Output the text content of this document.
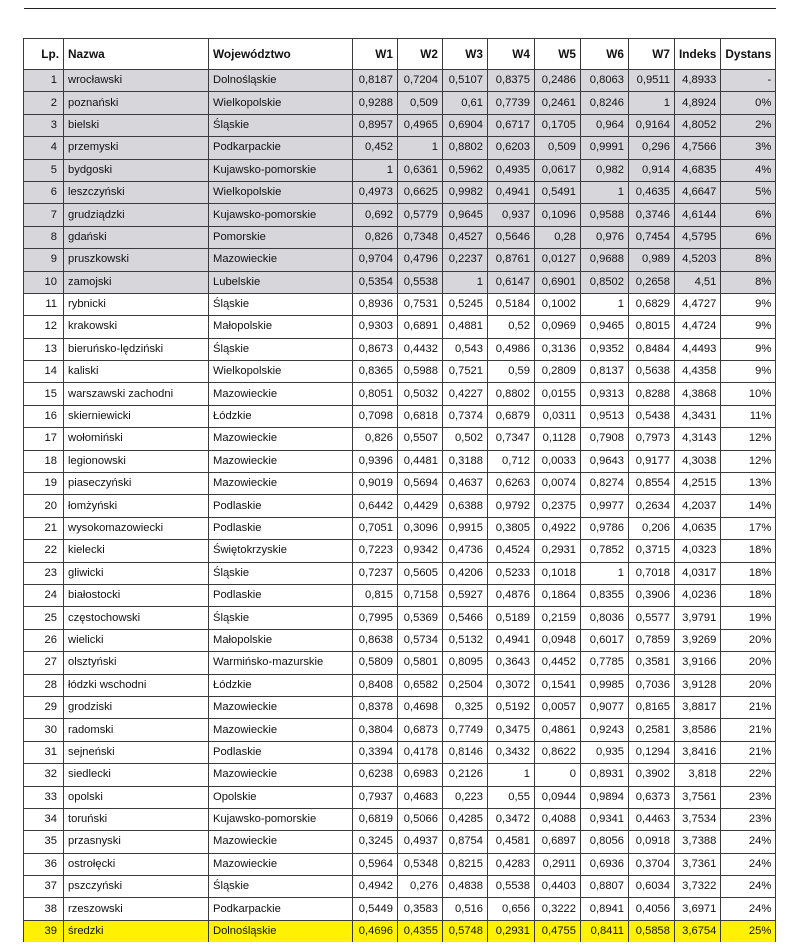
Lp.	Nazwa	Województwo	W1	W2	W3	W4	W5	W6	W7	Indeks	Dystans
1	wrocławski	Dolnośląskie	0,8187	0,7204	0,5107	0,8375	0,2486	0,8063	0,9511	4,8933	-
2	poznański	Wielkopolskie	0,9288	0,509	0,61	0,7739	0,2461	0,8246	1	4,8924	0%
3	bielski	Śląskie	0,8957	0,4965	0,6904	0,6717	0,1705	0,964	0,9164	4,8052	2%
4	przemyski	Podkarpackie	0,452	1	0,8802	0,6203	0,509	0,9991	0,296	4,7566	3%
5	bydgoski	Kujawsko-pomorskie	1	0,6361	0,5962	0,4935	0,0617	0,982	0,914	4,6835	4%
6	leszczyński	Wielkopolskie	0,4973	0,6625	0,9982	0,4941	0,5491	1	0,4635	4,6647	5%
7	grudziądzki	Kujawsko-pomorskie	0,692	0,5779	0,9645	0,937	0,1096	0,9588	0,3746	4,6144	6%
8	gdański	Pomorskie	0,826	0,7348	0,4527	0,5646	0,28	0,976	0,7454	4,5795	6%
9	pruszkowski	Mazowieckie	0,9704	0,4796	0,2237	0,8761	0,0127	0,9688	0,989	4,5203	8%
10	zamojski	Lubelskie	0,5354	0,5538	1	0,6147	0,6901	0,8502	0,2658	4,51	8%
11	rybnicki	Śląskie	0,8936	0,7531	0,5245	0,5184	0,1002	1	0,6829	4,4727	9%
12	krakowski	Małopolskie	0,9303	0,6891	0,4881	0,52	0,0969	0,9465	0,8015	4,4724	9%
13	bieruńsko-lędziński	Śląskie	0,8673	0,4432	0,543	0,4986	0,3136	0,9352	0,8484	4,4493	9%
14	kaliski	Wielkopolskie	0,8365	0,5988	0,7521	0,59	0,2809	0,8137	0,5638	4,4358	9%
15	warszawski zachodni	Mazowieckie	0,8051	0,5032	0,4227	0,8802	0,0155	0,9313	0,8288	4,3868	10%
16	skierniewicki	Łódzkie	0,7098	0,6818	0,7374	0,6879	0,0311	0,9513	0,5438	4,3431	11%
17	wołomiński	Mazowieckie	0,826	0,5507	0,502	0,7347	0,1128	0,7908	0,7973	4,3143	12%
18	legionowski	Mazowieckie	0,9396	0,4481	0,3188	0,712	0,0033	0,9643	0,9177	4,3038	12%
19	piaseczyński	Mazowieckie	0,9019	0,5694	0,4637	0,6263	0,0074	0,8274	0,8554	4,2515	13%
20	łomżyński	Podlaskie	0,6442	0,4429	0,6388	0,9792	0,2375	0,9977	0,2634	4,2037	14%
21	wysokomazowiecki	Podlaskie	0,7051	0,3096	0,9915	0,3805	0,4922	0,9786	0,206	4,0635	17%
22	kielecki	Świętokrzyskie	0,7223	0,9342	0,4736	0,4524	0,2931	0,7852	0,3715	4,0323	18%
23	gliwicki	Śląskie	0,7237	0,5605	0,4206	0,5233	0,1018	1	0,7018	4,0317	18%
24	białostocki	Podlaskie	0,815	0,7158	0,5927	0,4876	0,1864	0,8355	0,3906	4,0236	18%
25	częstochowski	Śląskie	0,7995	0,5369	0,5466	0,5189	0,2159	0,8036	0,5577	3,9791	19%
26	wielicki	Małopolskie	0,8638	0,5734	0,5132	0,4941	0,0948	0,6017	0,7859	3,9269	20%
27	olsztyński	Warmińsko-mazurskie	0,5809	0,5801	0,8095	0,3643	0,4452	0,7785	0,3581	3,9166	20%
28	łódzki wschodni	Łódzkie	0,8408	0,6582	0,2504	0,3072	0,1541	0,9985	0,7036	3,9128	20%
29	grodziski	Mazowieckie	0,8378	0,4698	0,325	0,5192	0,0057	0,9077	0,8165	3,8817	21%
30	radomski	Mazowieckie	0,3804	0,6873	0,7749	0,3475	0,4861	0,9243	0,2581	3,8586	21%
31	sejneński	Podlaskie	0,3394	0,4178	0,8146	0,3432	0,8622	0,935	0,1294	3,8416	21%
32	siedlecki	Mazowieckie	0,6238	0,6983	0,2126	1	0	0,8931	0,3902	3,818	22%
33	opolski	Opolskie	0,7937	0,4683	0,223	0,55	0,0944	0,9894	0,6373	3,7561	23%
34	toruński	Kujawsko-pomorskie	0,6819	0,5066	0,4285	0,3472	0,4088	0,9341	0,4463	3,7534	23%
35	przasnyski	Mazowieckie	0,3245	0,4937	0,8754	0,4581	0,6897	0,8056	0,0918	3,7388	24%
36	ostrołęcki	Mazowieckie	0,5964	0,5348	0,8215	0,4283	0,2911	0,6936	0,3704	3,7361	24%
37	pszczyński	Śląskie	0,4942	0,276	0,4838	0,5538	0,4403	0,8807	0,6034	3,7322	24%
38	rzeszowski	Podkarpackie	0,5449	0,3583	0,516	0,656	0,3222	0,8941	0,4056	3,6971	24%
39	średzki	Dolnośląskie	0,4696	0,4355	0,5748	0,2931	0,4755	0,8411	0,5858	3,6754	25%
